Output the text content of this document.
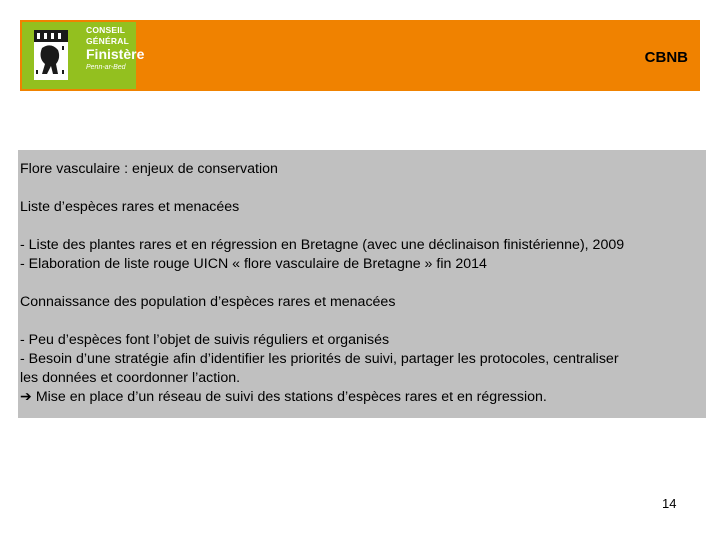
CONSEIL
GÉNÉRAL
Finistère
Penn-ar-Bed
CBNB

Flore vasculaire : enjeux de conservation

Liste d’espèces rares et menacées

- Liste des plantes rares et en régression en Bretagne (avec une déclinaison finistérienne), 2009

- Elaboration de liste rouge UICN « flore vasculaire de Bretagne » fin 2014

Connaissance des population d’espèces rares et menacées

- Peu d’espèces font l’objet de suivis réguliers et organisés

- Besoin d’une stratégie afin d’identifier les priorités de suivi, partager les protocoles, centraliser

les données et coordonner l’action.

➔ Mise en place d’un réseau de suivi des stations d’espèces rares et en régression.

14
